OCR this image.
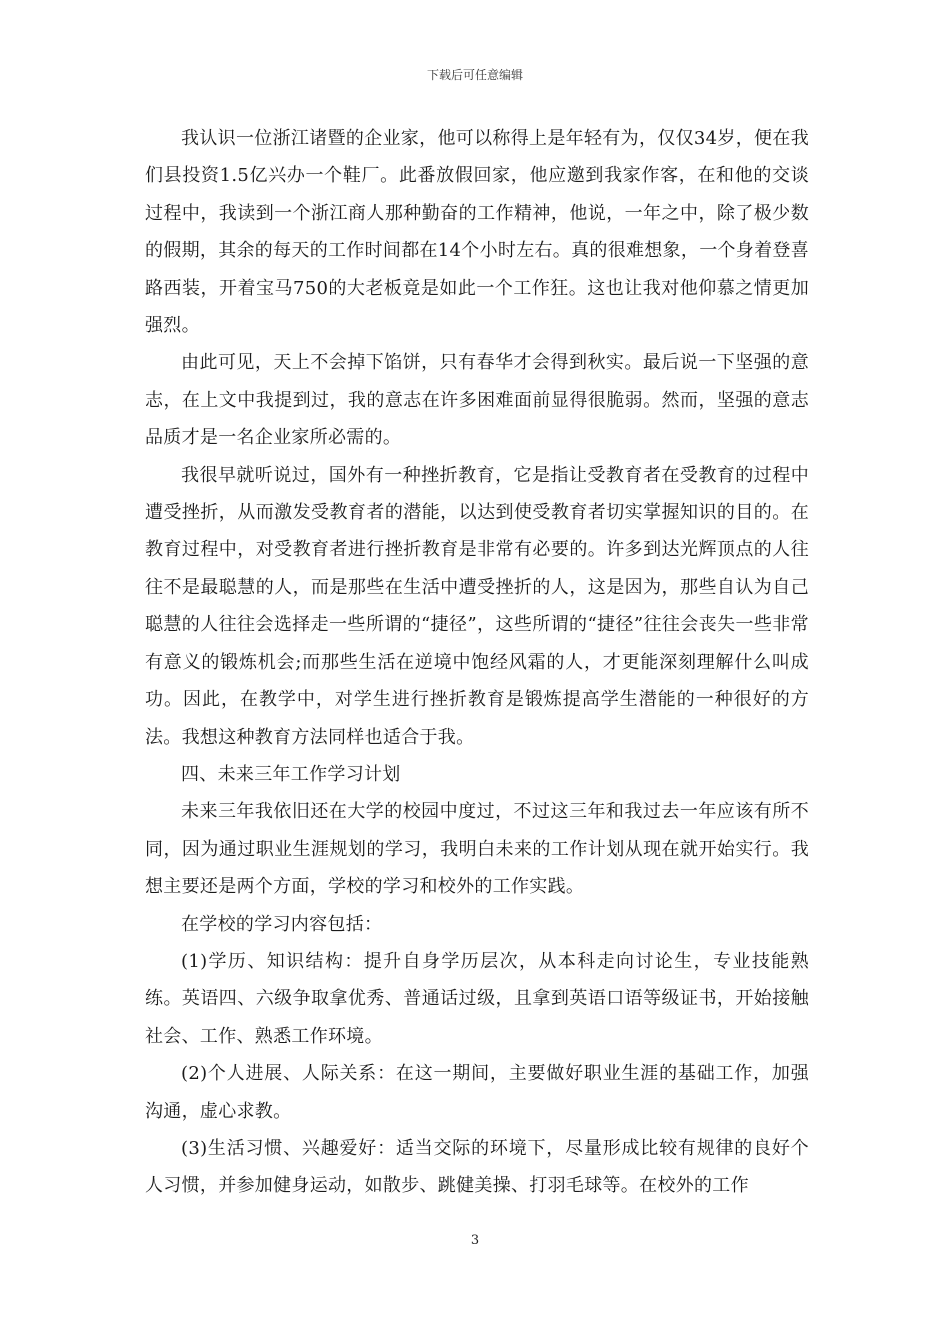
下载后可任意编辑

我认识一位浙江诸暨的企业家，他可以称得上是年轻有为，仅仅34岁，便在我们县投资1.5亿兴办一个鞋厂。此番放假回家，他应邀到我家作客，在和他的交谈过程中，我读到一个浙江商人那种勤奋的工作精神，他说，一年之中，除了极少数的假期，其余的每天的工作时间都在14个小时左右。真的很难想象，一个身着登喜路西装，开着宝马750的大老板竟是如此一个工作狂。这也让我对他仰慕之情更加强烈。

由此可见，天上不会掉下馅饼，只有春华才会得到秋实。最后说一下坚强的意志，在上文中我提到过，我的意志在许多困难面前显得很脆弱。然而，坚强的意志品质才是一名企业家所必需的。

我很早就听说过，国外有一种挫折教育，它是指让受教育者在受教育的过程中遭受挫折，从而激发受教育者的潜能，以达到使受教育者切实掌握知识的目的。在教育过程中，对受教育者进行挫折教育是非常有必要的。许多到达光辉顶点的人往往不是最聪慧的人，而是那些在生活中遭受挫折的人，这是因为，那些自认为自己聪慧的人往往会选择走一些所谓的“捷径”，这些所谓的“捷径”往往会丧失一些非常有意义的锻炼机会;而那些生活在逆境中饱经风霜的人，才更能深刻理解什么叫成功。因此，在教学中，对学生进行挫折教育是锻炼提高学生潜能的一种很好的方法。我想这种教育方法同样也适合于我。

四、未来三年工作学习计划

未来三年我依旧还在大学的校园中度过，不过这三年和我过去一年应该有所不同，因为通过职业生涯规划的学习，我明白未来的工作计划从现在就开始实行。我想主要还是两个方面，学校的学习和校外的工作实践。

在学校的学习内容包括：

(1)学历、知识结构：提升自身学历层次，从本科走向讨论生，专业技能熟练。英语四、六级争取拿优秀、普通话过级，且拿到英语口语等级证书，开始接触社会、工作、熟悉工作环境。

(2)个人进展、人际关系：在这一期间，主要做好职业生涯的基础工作，加强沟通，虚心求教。

(3)生活习惯、兴趣爱好：适当交际的环境下，尽量形成比较有规律的良好个人习惯，并参加健身运动，如散步、跳健美操、打羽毛球等。在校外的工作

3
